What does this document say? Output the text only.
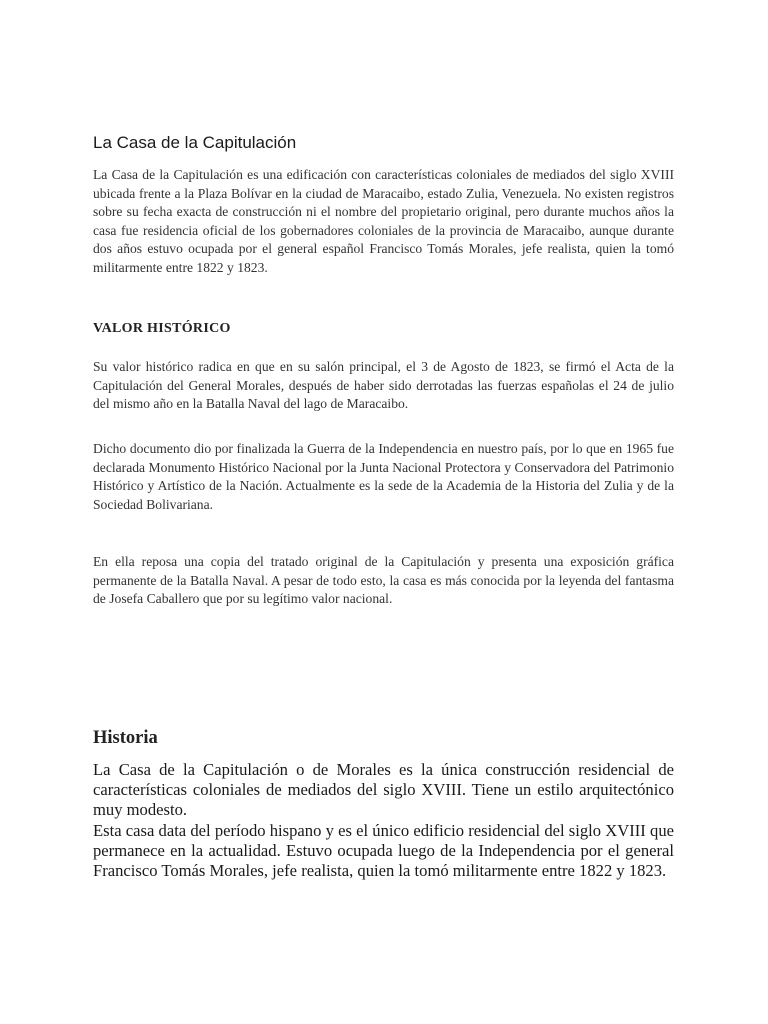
La Casa de la Capitulación

La Casa de la Capitulación es una edificación con características coloniales de mediados del siglo XVIII ubicada frente a la Plaza Bolívar en la ciudad de Maracaibo, estado Zulia, Venezuela. No existen registros sobre su fecha exacta de construcción ni el nombre del propietario original, pero durante muchos años la casa fue residencia oficial de los gobernadores coloniales de la provincia de Maracaibo, aunque durante dos años estuvo ocupada por el general español Francisco Tomás Morales, jefe realista, quien la tomó militarmente entre 1822 y 1823.

VALOR HISTÓRICO

Su valor histórico radica en que en su salón principal, el 3 de Agosto de 1823, se firmó el Acta de la Capitulación del General Morales, después de haber sido derrotadas las fuerzas españolas el 24 de julio del mismo año en la Batalla Naval del lago de Maracaibo.

Dicho documento dio por finalizada la Guerra de la Independencia en nuestro país, por lo que en 1965 fue declarada Monumento Histórico Nacional por la Junta Nacional Protectora y Conservadora del Patrimonio Histórico y Artístico de la Nación. Actualmente es la sede de la Academia de la Historia del Zulia y de la Sociedad Bolivariana.

En ella reposa una copia del tratado original de la Capitulación y presenta una exposición gráfica permanente de la Batalla Naval. A pesar de todo esto, la casa es más conocida por la leyenda del fantasma de Josefa Caballero que por su legítimo valor nacional.

Historia

La Casa de la Capitulación o de Morales es la única construcción residencial de características coloniales de mediados del siglo XVIII. Tiene un estilo arquitectónico muy modesto.

Esta casa data del período hispano y es el único edificio residencial del siglo XVIII que permanece en la actualidad. Estuvo ocupada luego de la Independencia por el general Francisco Tomás Morales, jefe realista, quien la tomó militarmente entre 1822 y 1823.
